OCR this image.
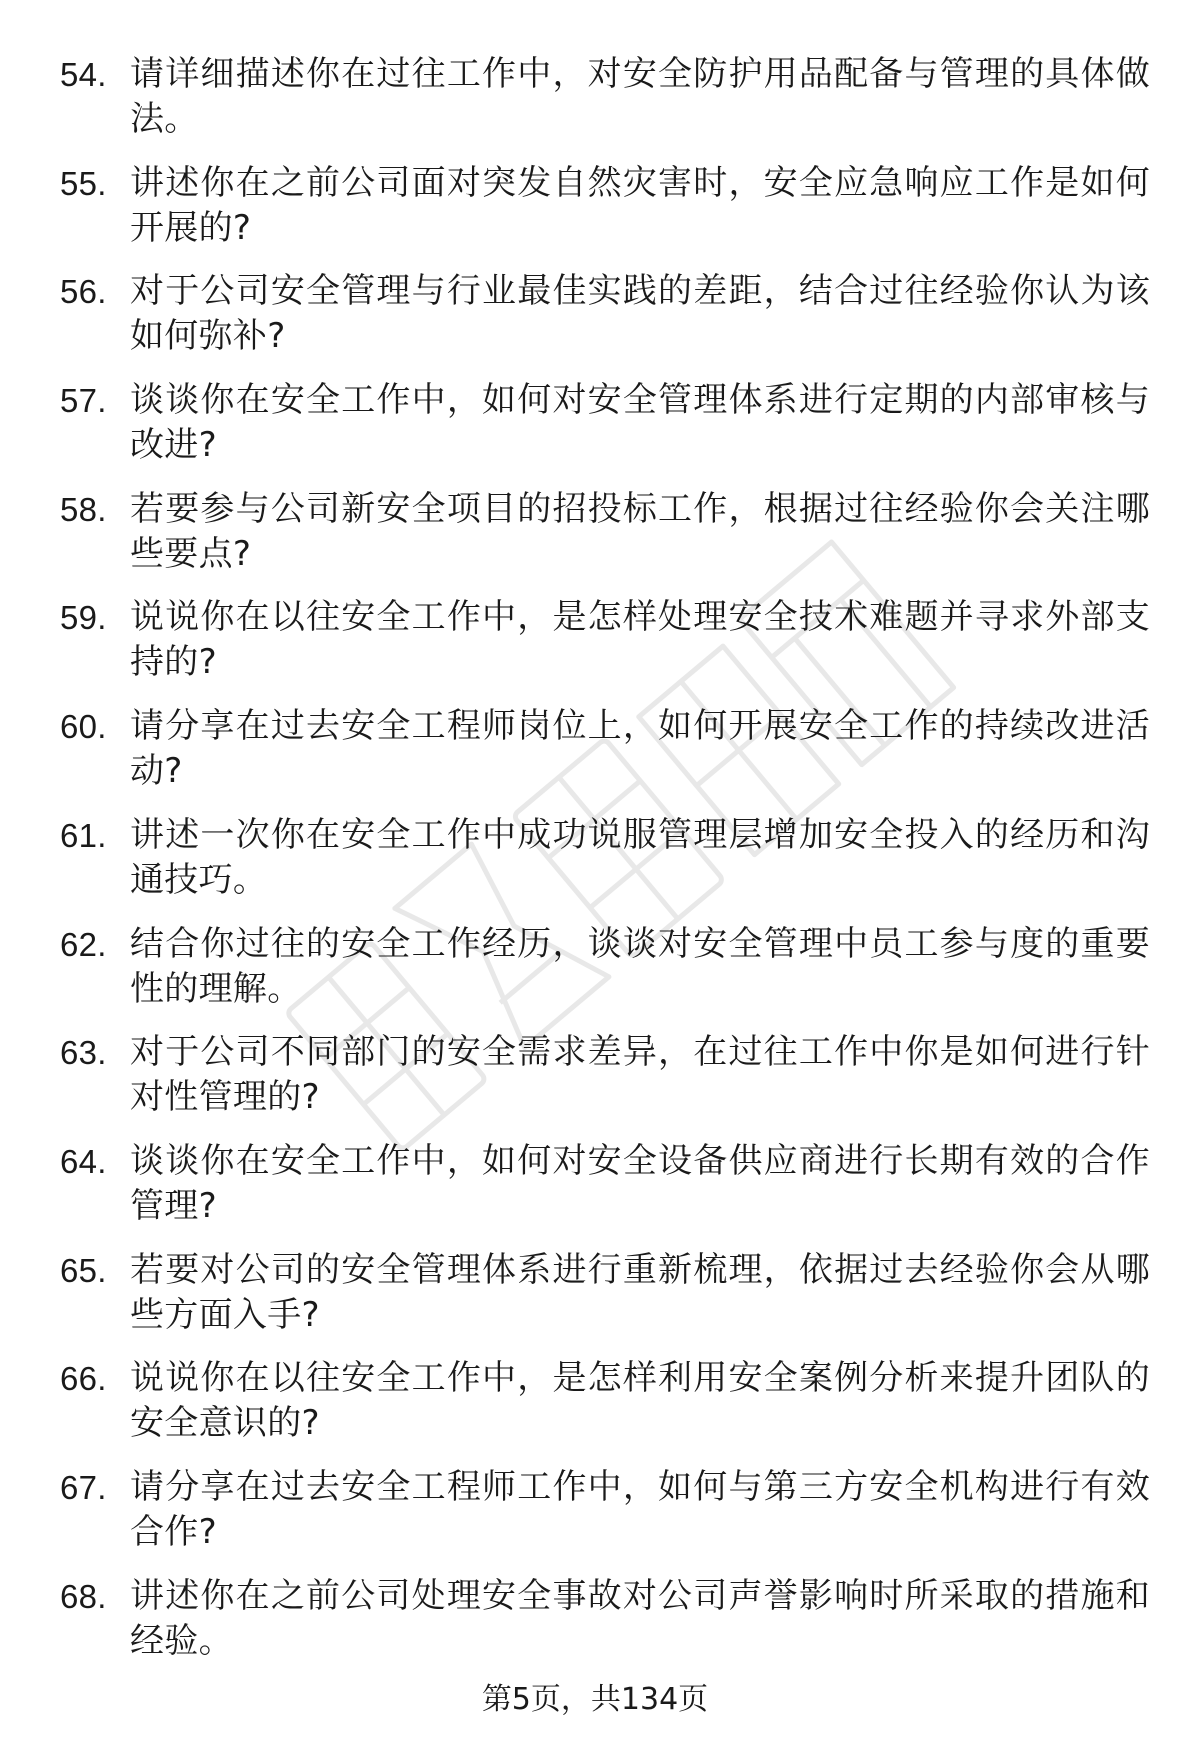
54. 请详细描述你在过往工作中，对安全防护用品配备与管理的具体做法。
55. 讲述你在之前公司面对突发自然灾害时，安全应急响应工作是如何开展的?
56. 对于公司安全管理与行业最佳实践的差距，结合过往经验你认为该如何弥补?
57. 谈谈你在安全工作中，如何对安全管理体系进行定期的内部审核与改进?
58. 若要参与公司新安全项目的招投标工作，根据过往经验你会关注哪些要点?
59. 说说你在以往安全工作中，是怎样处理安全技术难题并寻求外部支持的?
60. 请分享在过去安全工程师岗位上，如何开展安全工作的持续改进活动?
61. 讲述一次你在安全工作中成功说服管理层增加安全投入的经历和沟通技巧。
62. 结合你过往的安全工作经历，谈谈对安全管理中员工参与度的重要性的理解。
63. 对于公司不同部门的安全需求差异，在过往工作中你是如何进行针对性管理的?
64. 谈谈你在安全工作中，如何对安全设备供应商进行长期有效的合作管理?
65. 若要对公司的安全管理体系进行重新梳理，依据过去经验你会从哪些方面入手?
66. 说说你在以往安全工作中，是怎样利用安全案例分析来提升团队的安全意识的?
67. 请分享在过去安全工程师工作中，如何与第三方安全机构进行有效合作?
68. 讲述你在之前公司处理安全事故对公司声誉影响时所采取的措施和经验。
第5页，共134页
